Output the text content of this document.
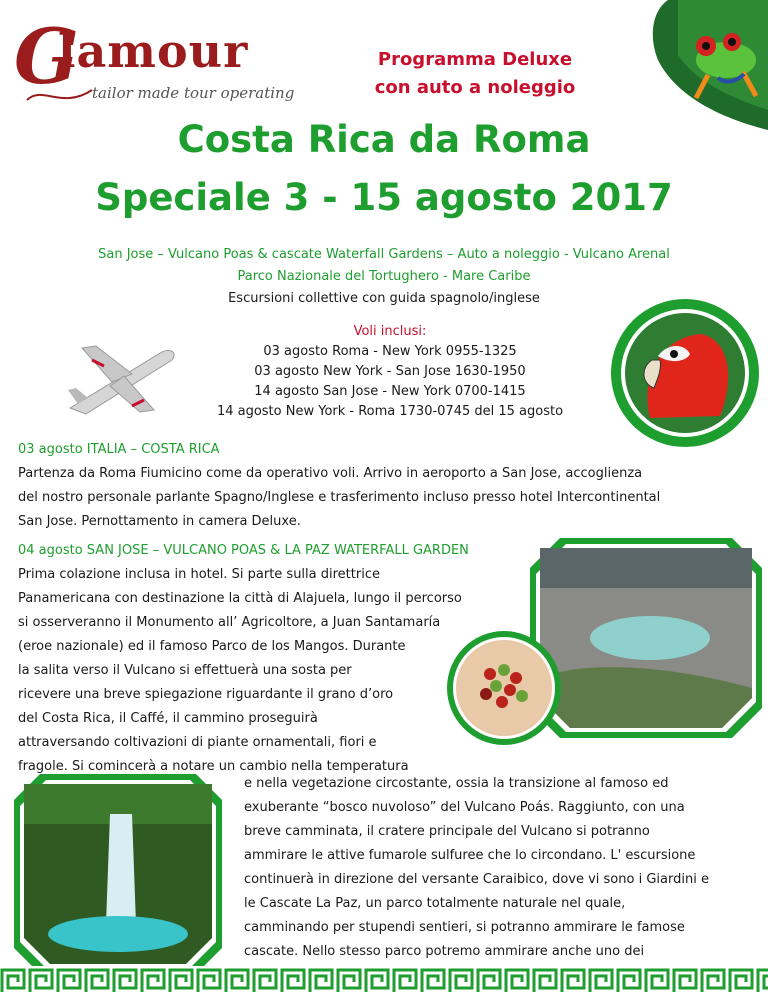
G
lamour
tailor made tour operating
Programma Deluxe
con auto a noleggio
Costa Rica da Roma
Speciale 3 - 15 agosto 2017
San Jose – Vulcano Poas & cascate Waterfall Gardens – Auto a noleggio - Vulcano Arenal
Parco Nazionale del Tortughero - Mare Caribe
Escursioni collettive con guida spagnolo/inglese
Voli inclusi:
03 agosto Roma - New York 0955-1325
03 agosto New York - San Jose 1630-1950
14 agosto San Jose - New York 0700-1415
14 agosto New York - Roma 1730-0745 del 15 agosto
03 agosto ITALIA – COSTA RICA
Partenza da Roma Fiumicino come da operativo voli. Arrivo in aeroporto a San Jose, accoglienza
del nostro personale parlante Spagno/Inglese e trasferimento incluso presso hotel Intercontinental
San Jose. Pernottamento in camera Deluxe.
04 agosto SAN JOSE – VULCANO POAS & LA PAZ WATERFALL GARDEN
Prima colazione inclusa in hotel. Si parte sulla direttrice
Panamericana con destinazione la città di Alajuela, lungo il percorso
si osserveranno il Monumento all’ Agricoltore, a Juan Santamaría
(eroe nazionale) ed il famoso Parco de los Mangos. Durante
la salita verso il Vulcano si effettuerà una sosta per
ricevere una breve spiegazione riguardante il grano d’oro
del Costa Rica, il Caffé, il cammino proseguirà
attraversando coltivazioni di piante ornamentali, fiori e
fragole. Si comincerà a notare un cambio nella temperatura
e nella vegetazione circostante, ossia la transizione al famoso ed
exuberante “bosco nuvoloso” del Vulcano Poás. Raggiunto, con una
breve camminata, il cratere principale del Vulcano si potranno
ammirare le attive fumarole sulfuree che lo circondano. L' escursione
continuerà in direzione del versante Caraibico, dove vi sono i Giardini e
le Cascate La Paz, un parco totalmente naturale nel quale,
camminando per stupendi sentieri, si potranno ammirare le famose
cascate. Nello stesso parco potremo ammirare anche uno dei
